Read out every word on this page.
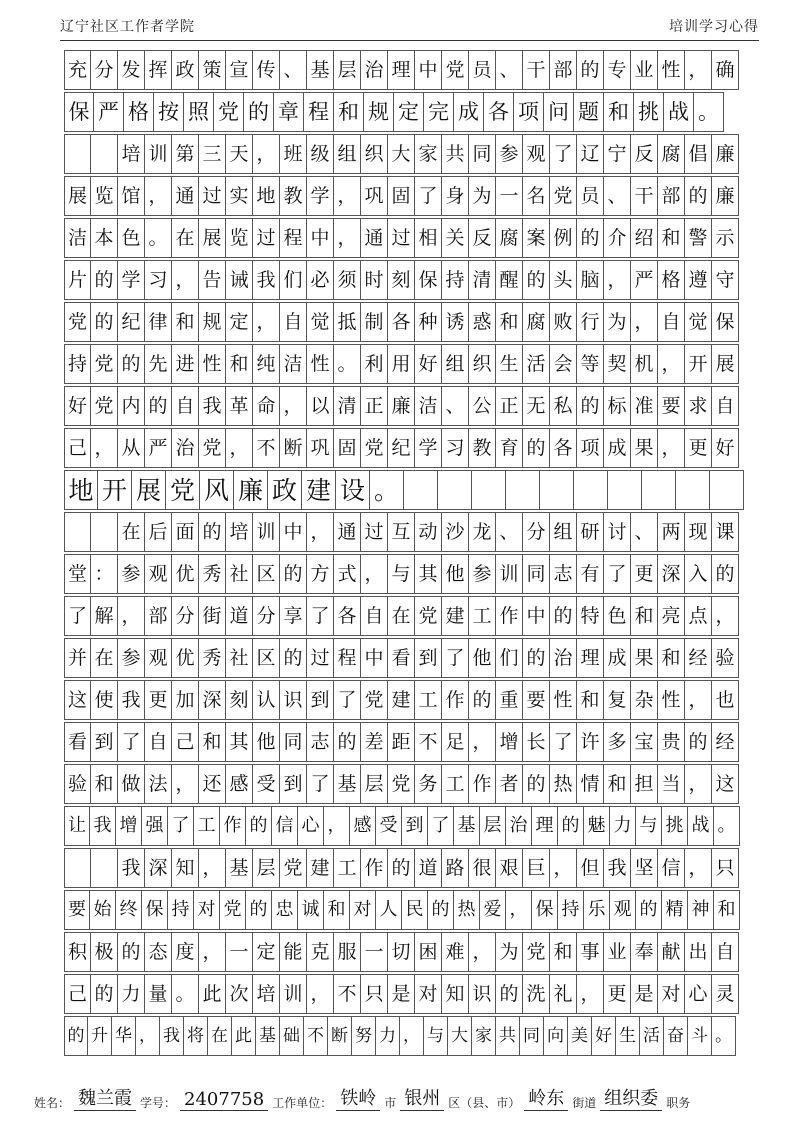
辽宁社区工作者学院	培训学习心得
充 分 发 挥 政 策 宣 传 、 基 层 治 理 中 党 员 、 干 部 的 专 业 性 ， 确
保 严 格 按 照 党 的 章 程 和 规 定 完 成 各 项 问 题 和 挑 战 。
培 训 第 三 天 ， 班 级 组 织 大 家 共 同 参 观 了 辽 宁 反 腐 倡 廉
展 览 馆 ， 通 过 实 地 教 学 ， 巩 固 了 身 为 一 名 党 员 、 干 部 的 廉
洁 本 色 。 在 展 览 过 程 中 ， 通 过 相 关 反 腐 案 例 的 介 绍 和 警 示
片 的 学 习 ， 告 诫 我 们 必 须 时 刻 保 持 清 醒 的 头 脑 ， 严 格 遵 守
党 的 纪 律 和 规 定 ， 自 觉 抵 制 各 种 诱 惑 和 腐 败 行 为 ， 自 觉 保
持 党 的 先 进 性 和 纯 洁 性 。 利 用 好 组 织 生 活 会 等 契 机 ， 开 展
好 党 内 的 自 我 革 命 ， 以 清 正 廉 洁 、 公 正 无 私 的 标 准 要 求 自
己 ， 从 严 治 党 ， 不 断 巩 固 党 纪 学 习 教 育 的 各 项 成 果 ， 更 好
地 开 展 党 风 廉 政 建 设 。
在 后 面 的 培 训 中 ， 通 过 互 动 沙 龙 、 分 组 研 讨 、 两 现 课
堂 ： 参 观 优 秀 社 区 的 方 式 ， 与 其 他 参 训 同 志 有 了 更 深 入 的
了 解 ， 部 分 街 道 分 享 了 各 自 在 党 建 工 作 中 的 特 色 和 亮 点 ，
并 在 参 观 优 秀 社 区 的 过 程 中 看 到 了 他 们 的 治 理 成 果 和 经 验
这 使 我 更 加 深 刻 认 识 到 了 党 建 工 作 的 重 要 性 和 复 杂 性 ， 也
看 到 了 自 己 和 其 他 同 志 的 差 距 不 足 ， 增 长 了 许 多 宝 贵 的 经
验 和 做 法 ， 还 感 受 到 了 基 层 党 务 工 作 者 的 热 情 和 担 当 ， 这
让 我 增 强 了 工 作 的 信 心 ， 感 受 到 了 基 层 治 理 的 魅 力 与 挑 战 。
我 深 知 ， 基 层 党 建 工 作 的 道 路 很 艰 巨 ， 但 我 坚 信 ， 只
要 始 终 保 持 对 党 的 忠 诚 和 对 人 民 的 热 爱 ， 保 持 乐 观 的 精 神 和
积 极 的 态 度 ， 一 定 能 克 服 一 切 困 难 ， 为 党 和 事 业 奉 献 出 自
己 的 力 量 。 此 次 培 训 ， 不 只 是 对 知 识 的 洗 礼 ， 更 是 对 心 灵
的 升 华 ， 我 将 在 此 基 础 不 断 努 力 ， 与 大 家 共 同 向 美 好 生 活 奋 斗 。
姓名： 魏兰霞 学号： 2407758 工作单位： 铁岭 市 银州 区（县、市） 岭东 街道 组织委 职务
